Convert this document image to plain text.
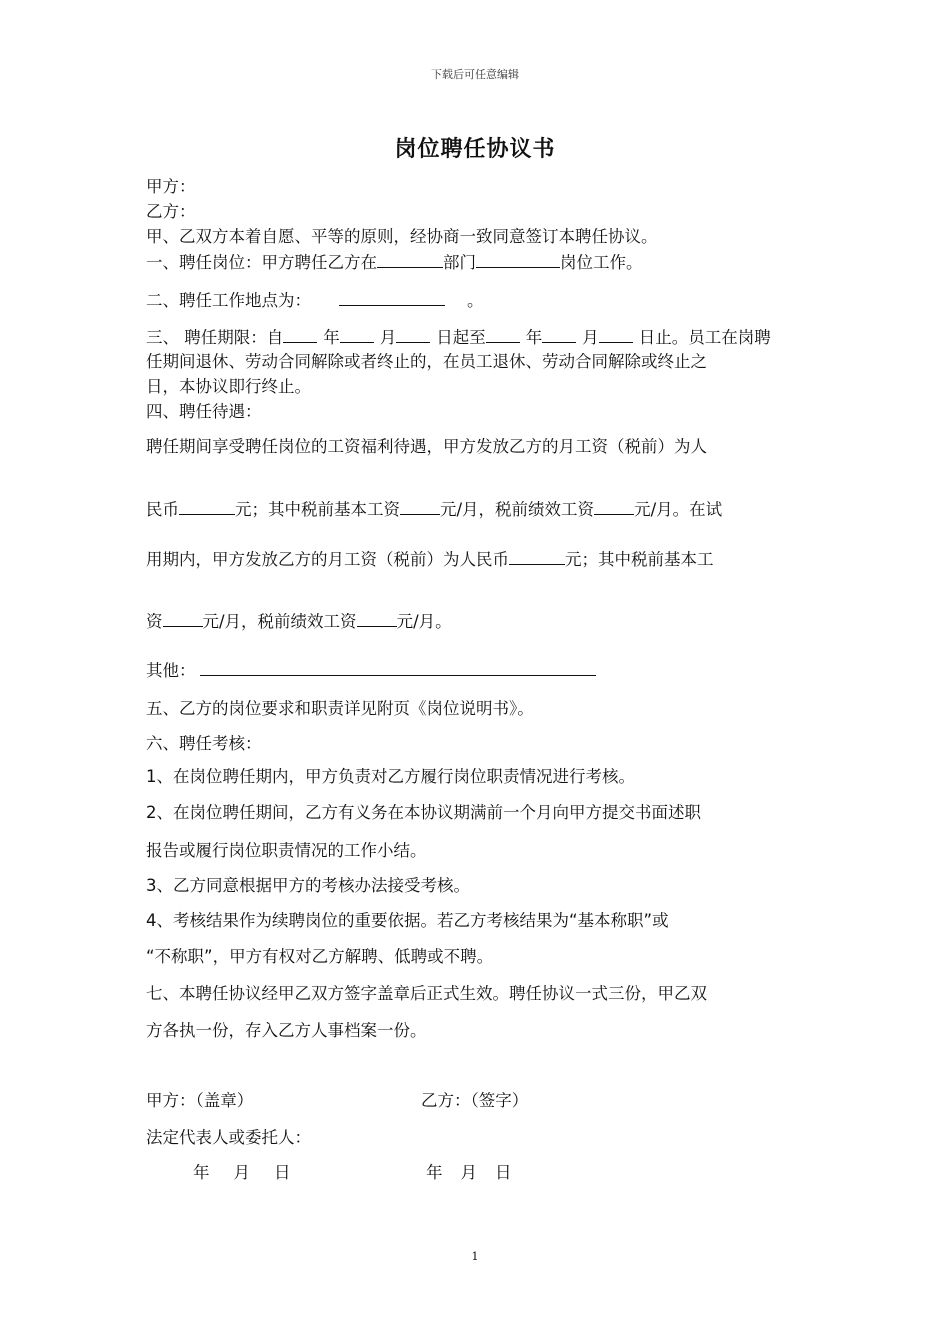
下载后可任意编辑
岗位聘任协议书
甲方：
乙方：
甲、乙双方本着自愿、平等的原则，经协商一致同意签订本聘任协议。
一、聘任岗位：甲方聘任乙方在	部门	岗位工作。
二、聘任工作地点为：	。
三、 聘任期限：自 年 月 日起至 年 月 日止。员工在岗聘
任期间退休、劳动合同解除或者终止的，在员工退休、劳动合同解除或终止之
日，本协议即行终止。
四、聘任待遇：
聘任期间享受聘任岗位的工资福利待遇，甲方发放乙方的月工资（税前）为人
民币	元；其中税前基本工资 元/月，税前绩效工资 元/月。在试
用期内，甲方发放乙方的月工资（税前）为人民币	元；其中税前基本工
资 元/月，税前绩效工资 元/月。
其他：
五、乙方的岗位要求和职责详见附页《岗位说明书》。
六、聘任考核：
1、在岗位聘任期内，甲方负责对乙方履行岗位职责情况进行考核。
2、在岗位聘任期间，乙方有义务在本协议期满前一个月向甲方提交书面述职
报告或履行岗位职责情况的工作小结。
3、乙方同意根据甲方的考核办法接受考核。
4、考核结果作为续聘岗位的重要依据。若乙方考核结果为“基本称职”或
“不称职”，甲方有权对乙方解聘、低聘或不聘。
七、本聘任协议经甲乙双方签字盖章后正式生效。聘任协议一式三份，甲乙双
方各执一份，存入乙方人事档案一份。
甲方：（盖章）	乙方：（签字）
法定代表人或委托人：
年 月 日	年 月 日
1
